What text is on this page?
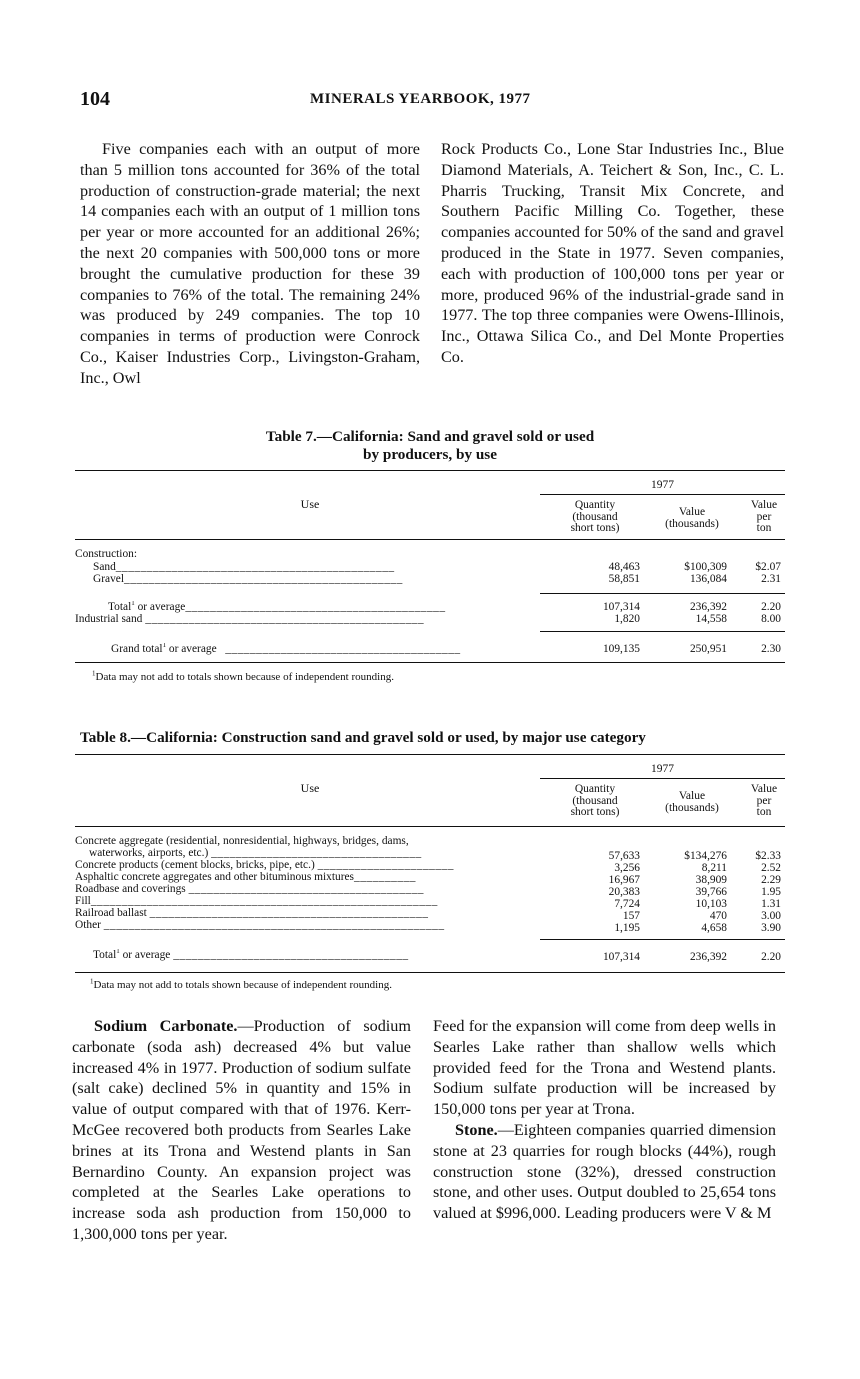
104	MINERALS YEARBOOK, 1977

Five companies each with an output of more than 5 million tons accounted for 36% of the total production of construction-grade material; the next 14 companies each with an output of 1 million tons per year or more accounted for an additional 26%; the next 20 companies with 500,000 tons or more brought the cumulative production for these 39 companies to 76% of the total. The remaining 24% was produced by 249 companies. The top 10 companies in terms of production were Conrock Co., Kaiser Industries Corp., Livingston-Graham, Inc., Owl

Rock Products Co., Lone Star Industries Inc., Blue Diamond Materials, A. Teichert & Son, Inc., C. L. Pharris Trucking, Transit Mix Concrete, and Southern Pacific Milling Co. Together, these companies accounted for 50% of the sand and gravel produced in the State in 1977. Seven companies, each with production of 100,000 tons per year or more, produced 96% of the industrial-grade sand in 1977. The top three companies were Owens-Illinois, Inc., Ottawa Silica Co., and Del Monte Properties Co.

Table 7.—California: Sand and gravel sold or used
by producers, by use
Use
1977
Quantity
(thousand
short tons)
Value
(thousands)
Value
per
ton
Construction:
Sand_____________________________________________	48,463	$100,309 $2.07
Gravel_____________________________________________	58,851	136,084	2.31
Total$^1$ or average__________________________________________	107,314	236,392	2.20
Industrial sand _____________________________________________	1,820	14,558	8.00
Grand total$^1$ or average ______________________________________	109,135	250,951	2.30
$^1$Data may not add to totals shown because of independent rounding.
Table 8.—California: Construction sand and gravel sold or used, by major use category
Use
1977
Quantity
(thousand
short tons)
Value
(thousands)
Value
per
ton
Concrete aggregate (residential, nonresidential, highways, bridges, dams,
waterworks, airports, etc.) __________________________________	57,633	$134,276 $2.33
Concrete products (cement blocks, bricks, pipe, etc.) ______________________	3,256	8,211	2.52
Asphaltic concrete aggregates and other bituminous mixtures__________	16,967	38,909	2.29
Roadbase and coverings ______________________________________	20,383	39,766	1.95
Fill________________________________________________________	7,724	10,103	1.31
Railroad ballast _____________________________________________	157	470	3.00
Other _______________________________________________________	1,195	4,658	3.90
Total$^1$ or average ______________________________________	107,314	236,392	2.20
$^1$Data may not add to totals shown because of independent rounding.

Sodium Carbonate.—Production of sodium carbonate (soda ash) decreased 4% but value increased 4% in 1977. Production of sodium sulfate (salt cake) declined 5% in quantity and 15% in value of output compared with that of 1976. Kerr-McGee recovered both products from Searles Lake brines at its Trona and Westend plants in San Bernardino County. An expansion project was completed at the Searles Lake operations to increase soda ash production from 150,000 to 1,300,000 tons per year.

Feed for the expansion will come from deep wells in Searles Lake rather than shallow wells which provided feed for the Trona and Westend plants. Sodium sulfate production will be increased by 150,000 tons per year at Trona.

Stone.—Eighteen companies quarried dimension stone at 23 quarries for rough blocks (44%), rough construction stone (32%), dressed construction stone, and other uses. Output doubled to 25,654 tons valued at $996,000. Leading producers were V & M
